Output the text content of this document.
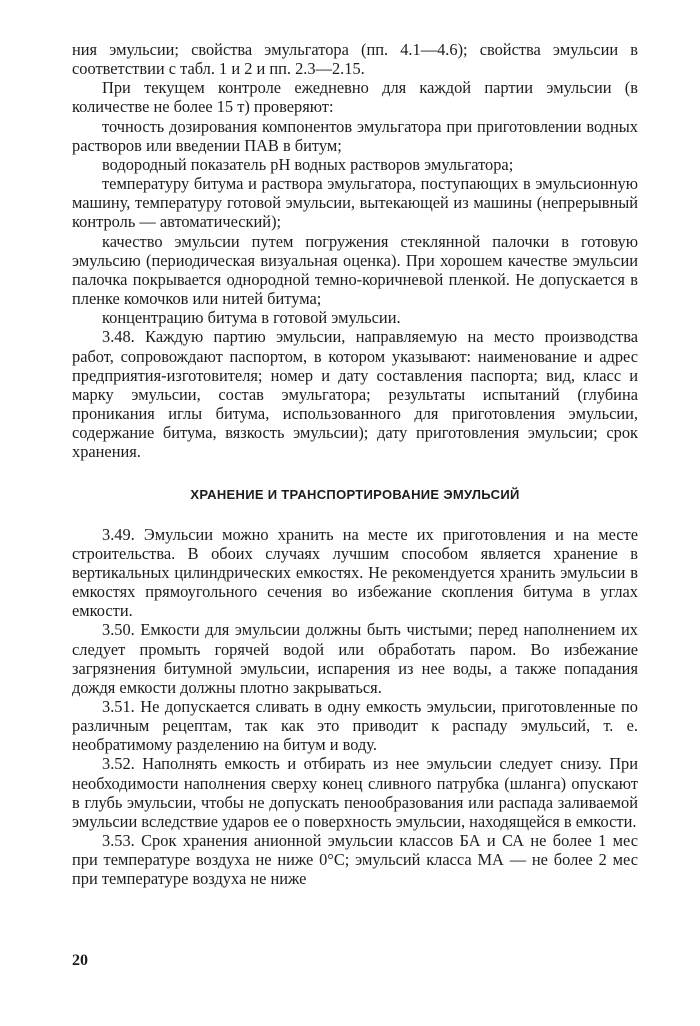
ния эмульсии; свойства эмульгатора (пп. 4.1—4.6); свойства эмульсии в соответствии с табл. 1 и 2 и пп. 2.3—2.15.

При текущем контроле ежедневно для каждой партии эмульсии (в количестве не более 15 т) проверяют:

точность дозирования компонентов эмульгатора при приготовлении водных растворов или введении ПАВ в битум;

водородный показатель pH водных растворов эмульгатора;

температуру битума и раствора эмульгатора, поступающих в эмульсионную машину, температуру готовой эмульсии, вытекающей из машины (непрерывный контроль — автоматический);

качество эмульсии путем погружения стеклянной палочки в готовую эмульсию (периодическая визуальная оценка). При хорошем качестве эмульсии палочка покрывается однородной темно-коричневой пленкой. Не допускается в пленке комочков или нитей битума;

концентрацию битума в готовой эмульсии.

3.48. Каждую партию эмульсии, направляемую на место производства работ, сопровождают паспортом, в котором указывают: наименование и адрес предприятия-изготовителя; номер и дату составления паспорта; вид, класс и марку эмульсии, состав эмульгатора; результаты испытаний (глубина проникания иглы битума, использованного для приготовления эмульсии, содержание битума, вязкость эмульсии); дату приготовления эмульсии; срок хранения.

ХРАНЕНИЕ И ТРАНСПОРТИРОВАНИЕ ЭМУЛЬСИЙ

3.49. Эмульсии можно хранить на месте их приготовления и на месте строительства. В обоих случаях лучшим способом является хранение в вертикальных цилиндрических емкостях. Не рекомендуется хранить эмульсии в емкостях прямоугольного сечения во избежание скопления битума в углах емкости.

3.50. Емкости для эмульсии должны быть чистыми; перед наполнением их следует промыть горячей водой или обработать паром. Во избежание загрязнения битумной эмульсии, испарения из нее воды, а также попадания дождя емкости должны плотно закрываться.

3.51. Не допускается сливать в одну емкость эмульсии, приготовленные по различным рецептам, так как это приводит к распаду эмульсий, т. е. необратимому разделению на битум и воду.

3.52. Наполнять емкость и отбирать из нее эмульсии следует снизу. При необходимости наполнения сверху конец сливного патрубка (шланга) опускают в глубь эмульсии, чтобы не допускать пенообразования или распада заливаемой эмульсии вследствие ударов ее о поверхность эмульсии, находящейся в емкости.

3.53. Срок хранения анионной эмульсии классов БА и СА не более 1 мес при температуре воздуха не ниже 0°C; эмульсий класса МА — не более 2 мес при температуре воздуха не ниже

20
